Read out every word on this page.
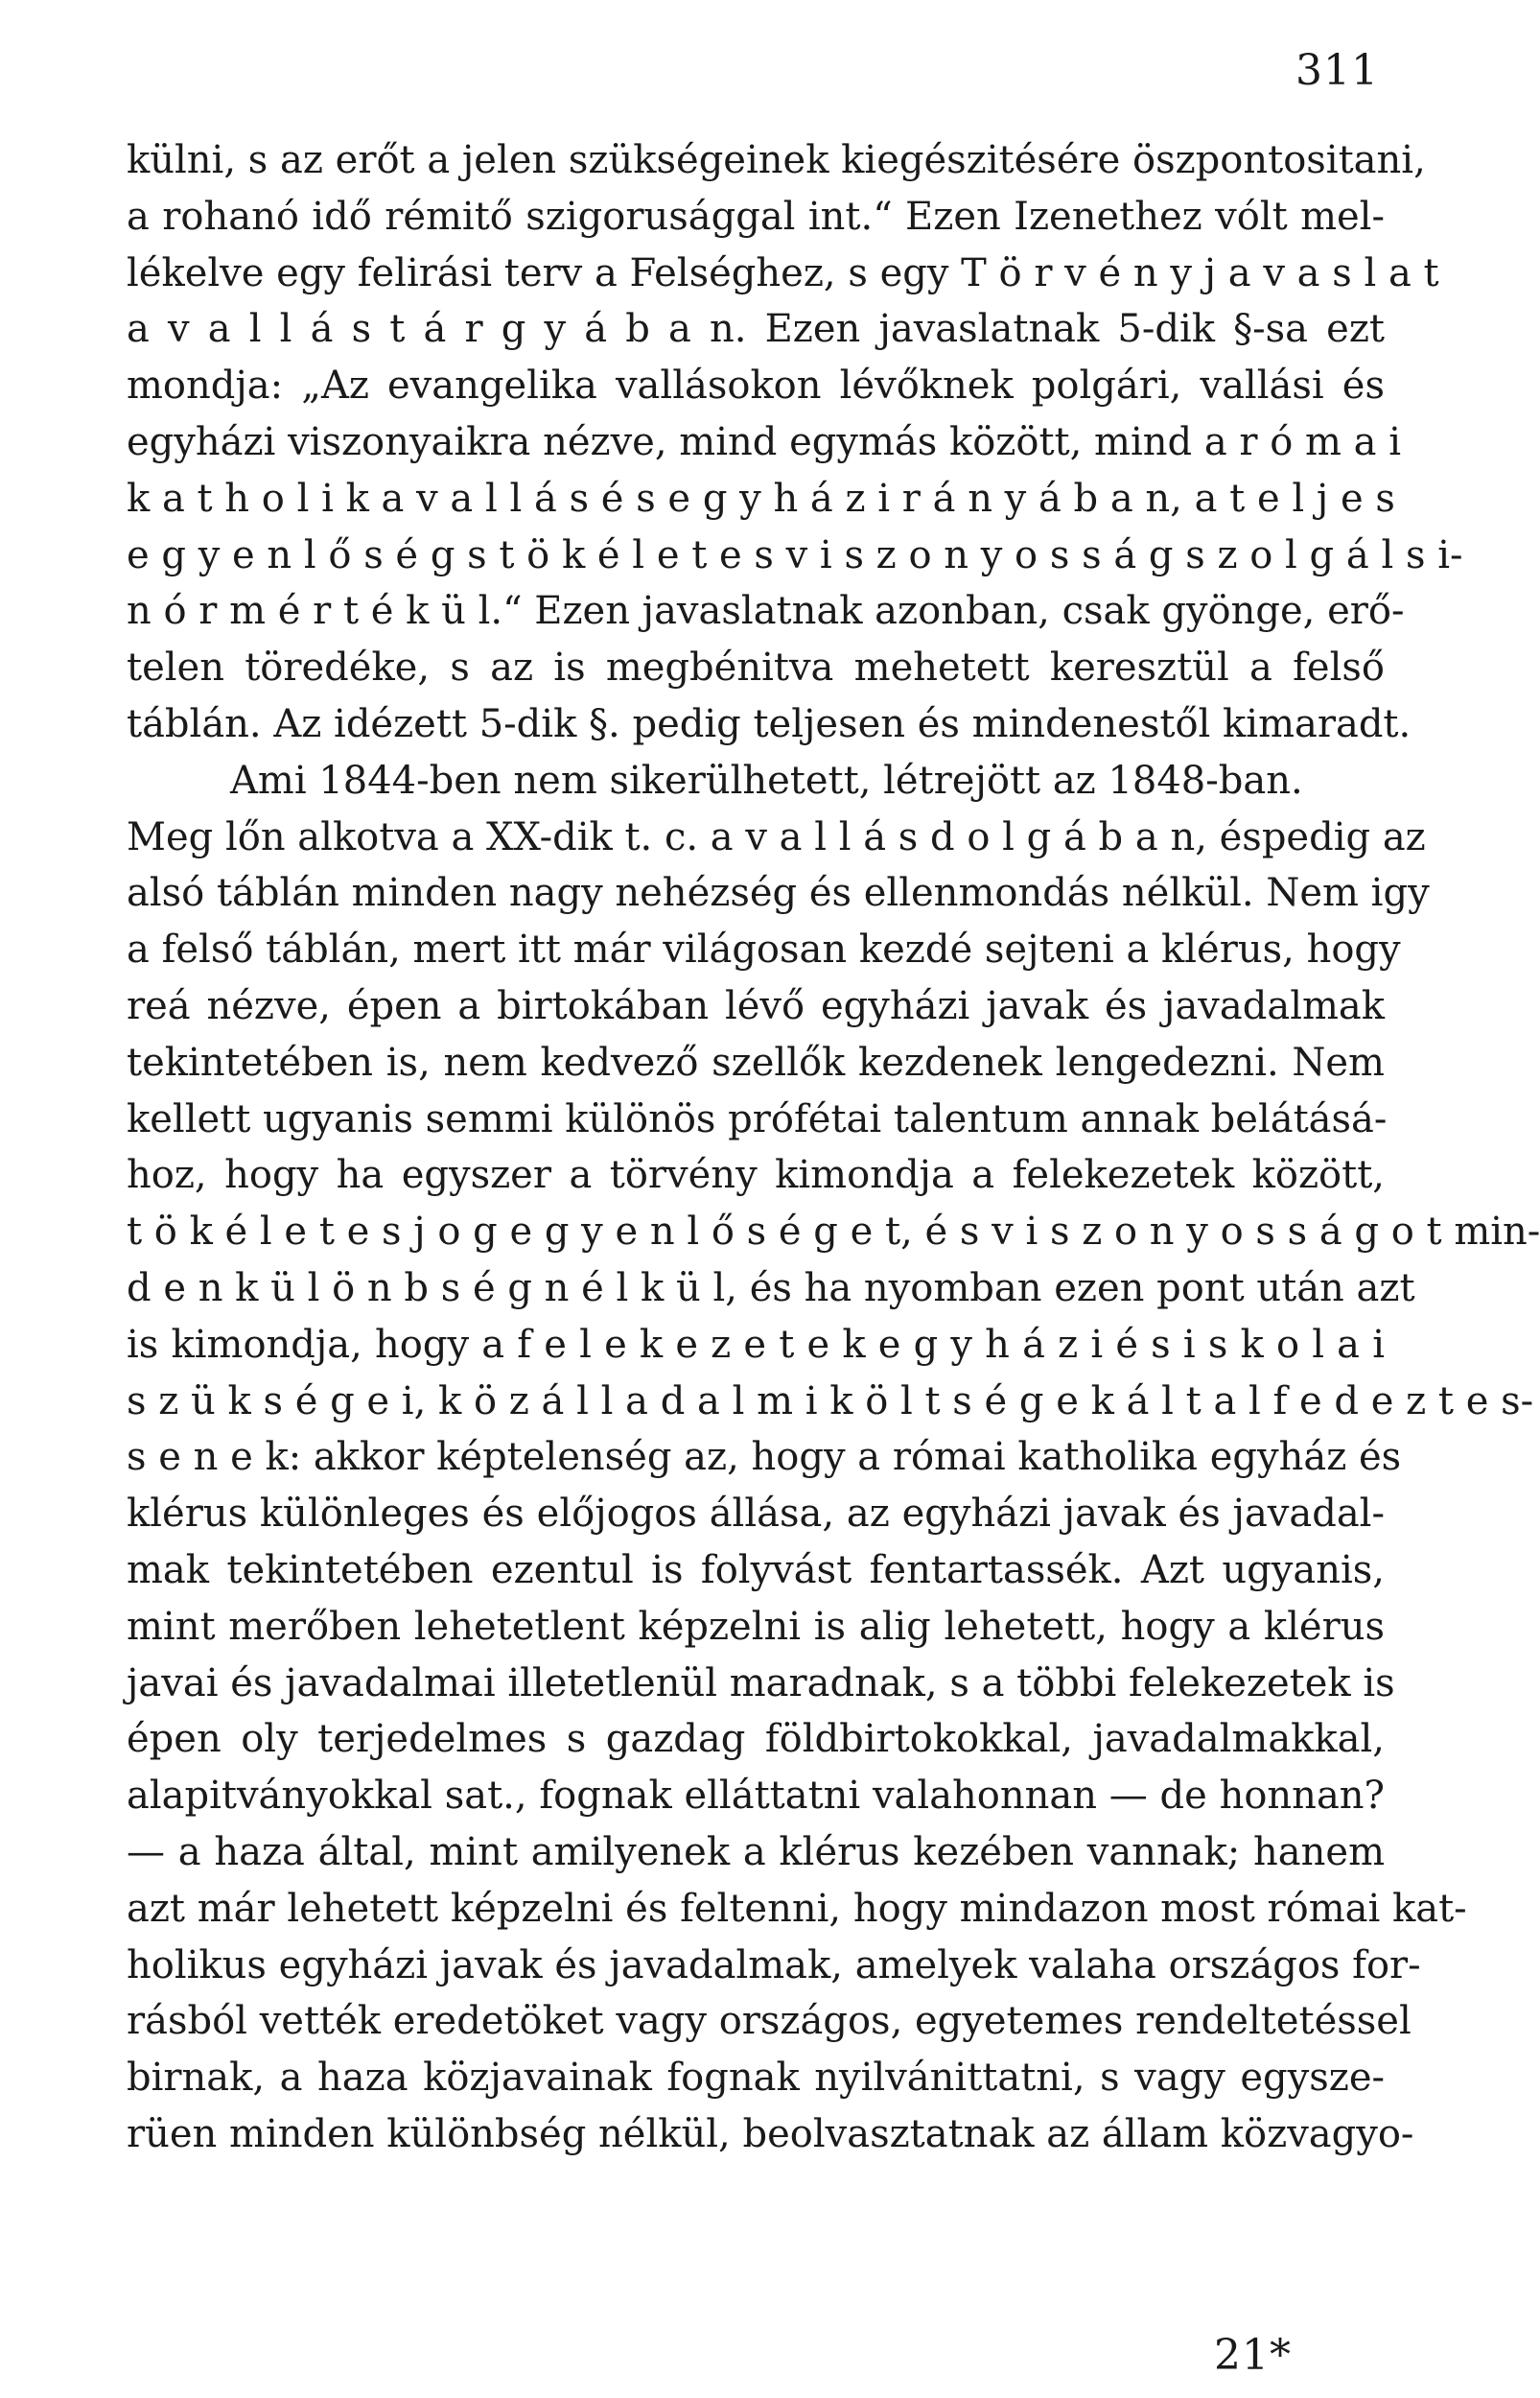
311
külni, s az erőt a jelen szükségeinek kiegészitésére öszpontositani,
a rohanó idő rémitő szigorusággal int.“ Ezen Izenethez vólt mel-
lékelve egy felirási terv a Felséghez, s egy T ö r v é n y j a v a s l a t
a v a l l á s t á r g y á b a n. Ezen javaslatnak 5-dik §-sa ezt
mondja: „Az evangelika vallásokon lévőknek polgári, vallási és
egyházi viszonyaikra nézve, mind egymás között, mind a r ó m a i
k a t h o l i k a v a l l á s é s e g y h á z i r á n y á b a n, a t e l j e s
e g y e n l ő s é g s t ö k é l e t e s v i s z o n y o s s á g s z o l g á l s i-
n ó r m é r t é k ü l.“ Ezen javaslatnak azonban, csak gyönge, erő-
telen töredéke, s az is megbénitva mehetett keresztül a felső
táblán. Az idézett 5-dik §. pedig teljesen és mindenestől kimaradt.
Ami 1844-ben nem sikerülhetett, létrejött az 1848-ban.
Meg lőn alkotva a XX-dik t. c. a v a l l á s d o l g á b a n, éspedig az
alsó táblán minden nagy nehézség és ellenmondás nélkül. Nem igy
a felső táblán, mert itt már világosan kezdé sejteni a klérus, hogy
reá nézve, épen a birtokában lévő egyházi javak és javadalmak
tekintetében is, nem kedvező szellők kezdenek lengedezni. Nem
kellett ugyanis semmi különös prófétai talentum annak belátásá-
hoz, hogy ha egyszer a törvény kimondja a felekezetek között,
t ö k é l e t e s j o g e g y e n l ő s é g e t, é s v i s z o n y o s s á g o t min-
d e n k ü l ö n b s é g n é l k ü l, és ha nyomban ezen pont után azt
is kimondja, hogy a f e l e k e z e t e k e g y h á z i é s i s k o l a i
s z ü k s é g e i, k ö z á l l a d a l m i k ö l t s é g e k á l t a l f e d e z t e s-
s e n e k: akkor képtelenség az, hogy a római katholika egyház és
klérus különleges és előjogos állása, az egyházi javak és javadal-
mak tekintetében ezentul is folyvást fentartassék. Azt ugyanis,
mint merőben lehetetlent képzelni is alig lehetett, hogy a klérus
javai és javadalmai illetetlenül maradnak, s a többi felekezetek is
épen oly terjedelmes s gazdag földbirtokokkal, javadalmakkal,
alapitványokkal sat., fognak elláttatni valahonnan — de honnan?
— a haza által, mint amilyenek a klérus kezében vannak; hanem
azt már lehetett képzelni és feltenni, hogy mindazon most római kat-
holikus egyházi javak és javadalmak, amelyek valaha országos for-
rásból vették eredetöket vagy országos, egyetemes rendeltetéssel
birnak, a haza közjavainak fognak nyilvánittatni, s vagy egysze-
rüen minden különbség nélkül, beolvasztatnak az állam közvagyo-
21*
